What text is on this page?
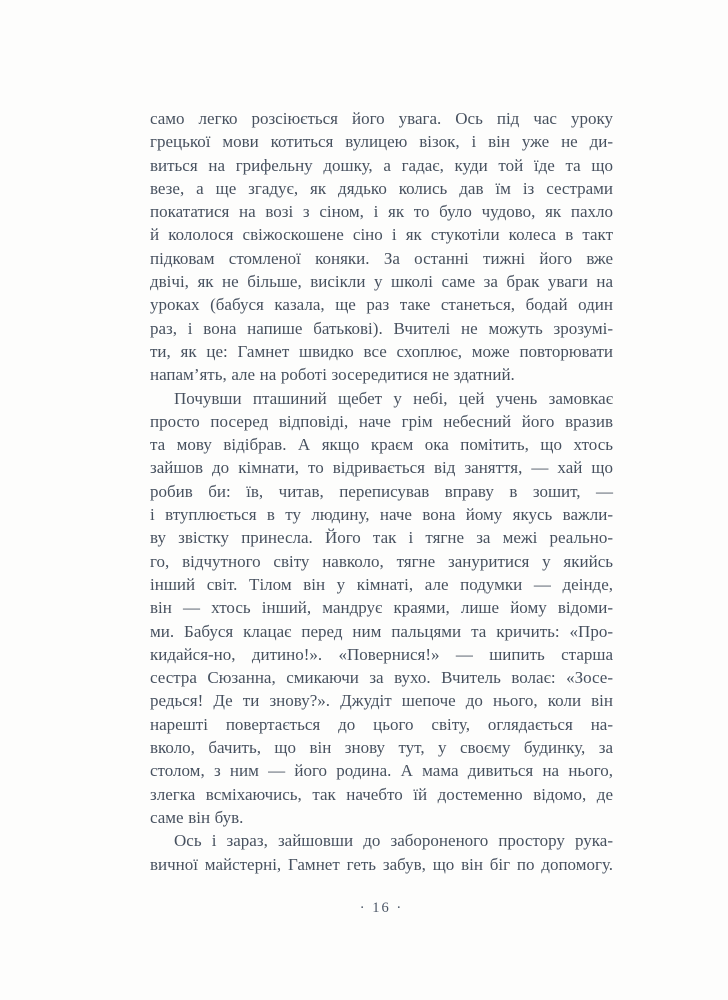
само легко розсіюється його увага. Ось під час уроку
грецької мови котиться вулицею візок, і він уже не ди-
виться на грифельну дошку, а гадає, куди той їде та що
везе, а ще згадує, як дядько колись дав їм із сестрами
покататися на возі з сіном, і як то було чудово, як пахло
й кололося свіжоскошене сіно і як стукотіли колеса в такт
підковам стомленої коняки. За останні тижні його вже
двічі, як не більше, висікли у школі саме за брак уваги на
уроках (бабуся казала, ще раз таке станеться, бодай один
раз, і вона напише батькові). Вчителі не можуть зрозумі-
ти, як це: Гамнет швидко все схоплює, може повторювати
напам’ять, але на роботі зосередитися не здатний.

Почувши пташиний щебет у небі, цей учень замовкає
просто посеред відповіді, наче грім небесний його вразив
та мову відібрав. А якщо краєм ока помітить, що хтось
зайшов до кімнати, то відривається від заняття, — хай що
робив би: їв, читав, переписував вправу в зошит, —
і втуплюється в ту людину, наче вона йому якусь важли-
ву звістку принесла. Його так і тягне за межі реально-
го, відчутного світу навколо, тягне зануритися у якийсь
інший світ. Тілом він у кімнаті, але подумки — деінде,
він — хтось інший, мандрує краями, лише йому відоми-
ми. Бабуся клацає перед ним пальцями та кричить: «Про-
кидайся-но, дитино!». «Повернися!» — шипить старша
сестра Сюзанна, смикаючи за вухо. Вчитель волає: «Зосе-
редься! Де ти знову?». Джудіт шепоче до нього, коли він
нарешті повертається до цього світу, оглядається на-
вколо, бачить, що він знову тут, у своєму будинку, за
столом, з ним — його родина. А мама дивиться на нього,
злегка всміхаючись, так начебто їй достеменно відомо, де
саме він був.

Ось і зараз, зайшовши до забороненого простору рука-
вичної майстерні, Гамнет геть забув, що він біг по допомогу.

· 16 ·
